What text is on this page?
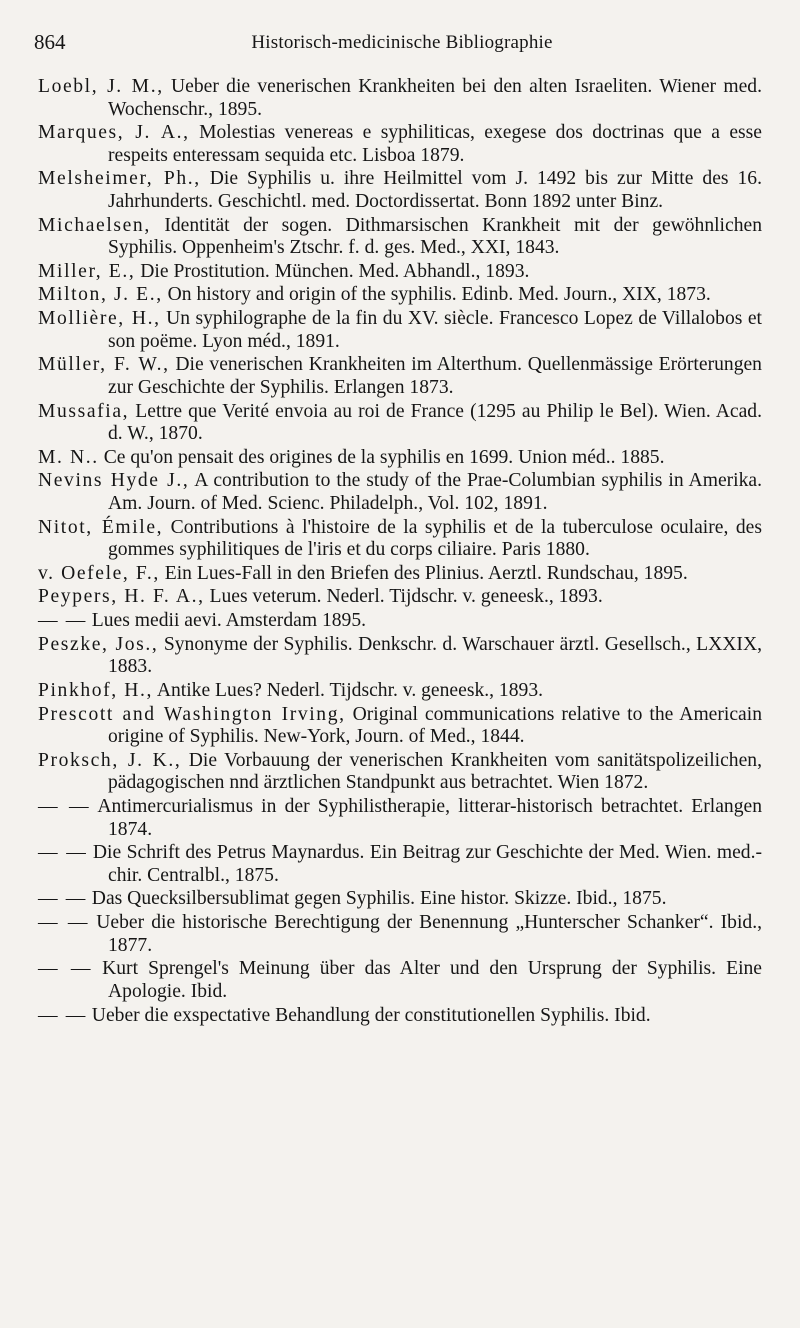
864	Historisch-medicinische Bibliographie

Loebl, J. M., Ueber die venerischen Krankheiten bei den alten Israeliten. Wiener med. Wochenschr., 1895.

Marques, J. A., Molestias venereas e syphiliticas, exegese dos doctrinas que a esse respeits enteressam sequida etc. Lisboa 1879.

Melsheimer, Ph., Die Syphilis u. ihre Heilmittel vom J. 1492 bis zur Mitte des 16. Jahrhunderts. Geschichtl. med. Doctordissertat. Bonn 1892 unter Binz.

Michaelsen, Identität der sogen. Dithmarsischen Krankheit mit der gewöhnlichen Syphilis. Oppenheim's Ztschr. f. d. ges. Med., XXI, 1843.

Miller, E., Die Prostitution. München. Med. Abhandl., 1893.

Milton, J. E., On history and origin of the syphilis. Edinb. Med. Journ., XIX, 1873.

Mollière, H., Un syphilographe de la fin du XV. siècle. Francesco Lopez de Villalobos et son poëme. Lyon méd., 1891.

Müller, F. W., Die venerischen Krankheiten im Alterthum. Quellenmässige Erörterungen zur Geschichte der Syphilis. Erlangen 1873.

Mussafia, Lettre que Verité envoia au roi de France (1295 au Philip le Bel). Wien. Acad. d. W., 1870.

M. N.. Ce qu'on pensait des origines de la syphilis en 1699. Union méd.. 1885.

Nevins Hyde J., A contribution to the study of the Prae-Columbian syphilis in Amerika. Am. Journ. of Med. Scienc. Philadelph., Vol. 102, 1891.

Nitot, Émile, Contributions à l'histoire de la syphilis et de la tuberculose oculaire, des gommes syphilitiques de l'iris et du corps ciliaire. Paris 1880.

v. Oefele, F., Ein Lues-Fall in den Briefen des Plinius. Aerztl. Rundschau, 1895.

Peypers, H. F. A., Lues veterum. Nederl. Tijdschr. v. geneesk., 1893.

— — Lues medii aevi. Amsterdam 1895.

Peszke, Jos., Synonyme der Syphilis. Denkschr. d. Warschauer ärztl. Gesellsch., LXXIX, 1883.

Pinkhof, H., Antike Lues? Nederl. Tijdschr. v. geneesk., 1893.

Prescott and Washington Irving, Original communications relative to the Americain origine of Syphilis. New-York, Journ. of Med., 1844.

Proksch, J. K., Die Vorbauung der venerischen Krankheiten vom sanitätspolizeilichen, pädagogischen nnd ärztlichen Standpunkt aus betrachtet. Wien 1872.

— — Antimercurialismus in der Syphilistherapie, litterar-historisch betrachtet. Erlangen 1874.

— — Die Schrift des Petrus Maynardus. Ein Beitrag zur Geschichte der Med. Wien. med.-chir. Centralbl., 1875.

— — Das Quecksilbersublimat gegen Syphilis. Eine histor. Skizze. Ibid., 1875.

— — Ueber die historische Berechtigung der Benennung „Hunterscher Schanker“. Ibid., 1877.

— — Kurt Sprengel's Meinung über das Alter und den Ursprung der Syphilis. Eine Apologie. Ibid.

— — Ueber die exspectative Behandlung der constitutionellen Syphilis. Ibid.
